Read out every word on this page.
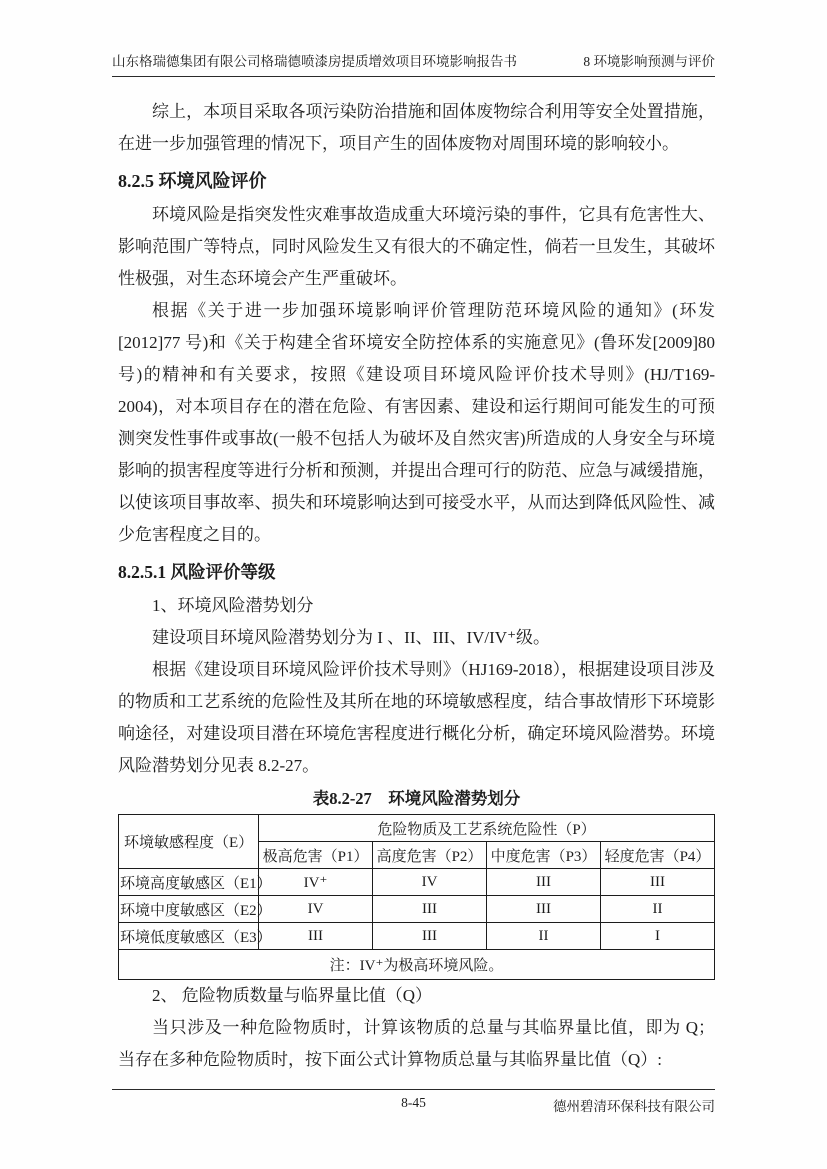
山东格瑞德集团有限公司格瑞德喷漆房提质增效项目环境影响报告书	8 环境影响预测与评价

综上，本项目采取各项污染防治措施和固体废物综合利用等安全处置措施，在进一步加强管理的情况下，项目产生的固体废物对周围环境的影响较小。

8.2.5 环境风险评价

环境风险是指突发性灾难事故造成重大环境污染的事件，它具有危害性大、影响范围广等特点，同时风险发生又有很大的不确定性，倘若一旦发生，其破坏性极强，对生态环境会产生严重破坏。

根据《关于进一步加强环境影响评价管理防范环境风险的通知》(环发[2012]77 号)和《关于构建全省环境安全防控体系的实施意见》(鲁环发[2009]80号)的精神和有关要求，按照《建设项目环境风险评价技术导则》(HJ/T169-2004)，对本项目存在的潜在危险、有害因素、建设和运行期间可能发生的可预测突发性事件或事故(一般不包括人为破坏及自然灾害)所造成的人身安全与环境影响的损害程度等进行分析和预测，并提出合理可行的防范、应急与减缓措施，以使该项目事故率、损失和环境影响达到可接受水平，从而达到降低风险性、减少危害程度之目的。

8.2.5.1 风险评价等级

1、环境风险潜势划分

建设项目环境风险潜势划分为 I 、II、III、IV/IV⁺级。

根据《建设项目环境风险评价技术导则》（HJ169-2018），根据建设项目涉及的物质和工艺系统的危险性及其所在地的环境敏感程度，结合事故情形下环境影响途径，对建设项目潜在环境危害程度进行概化分析，确定环境风险潜势。环境风险潜势划分见表 8.2-27。

表8.2-27　环境风险潜势划分
环境敏感程度（E）	危险物质及工艺系统危险性（P）			
	极高危害（P1）	高度危害（P2）	中度危害（P3）	轻度危害（P4）
环境高度敏感区（E1）	IV⁺	IV	III	III
环境中度敏感区（E2）	IV	III	III	II
环境低度敏感区（E3）	III	III	II	I
注：IV⁺为极高环境风险。				

2、 危险物质数量与临界量比值（Q）

当只涉及一种危险物质时，计算该物质的总量与其临界量比值，即为 Q； 当存在多种危险物质时，按下面公式计算物质总量与其临界量比值（Q）:

8-45	德州碧清环保科技有限公司
